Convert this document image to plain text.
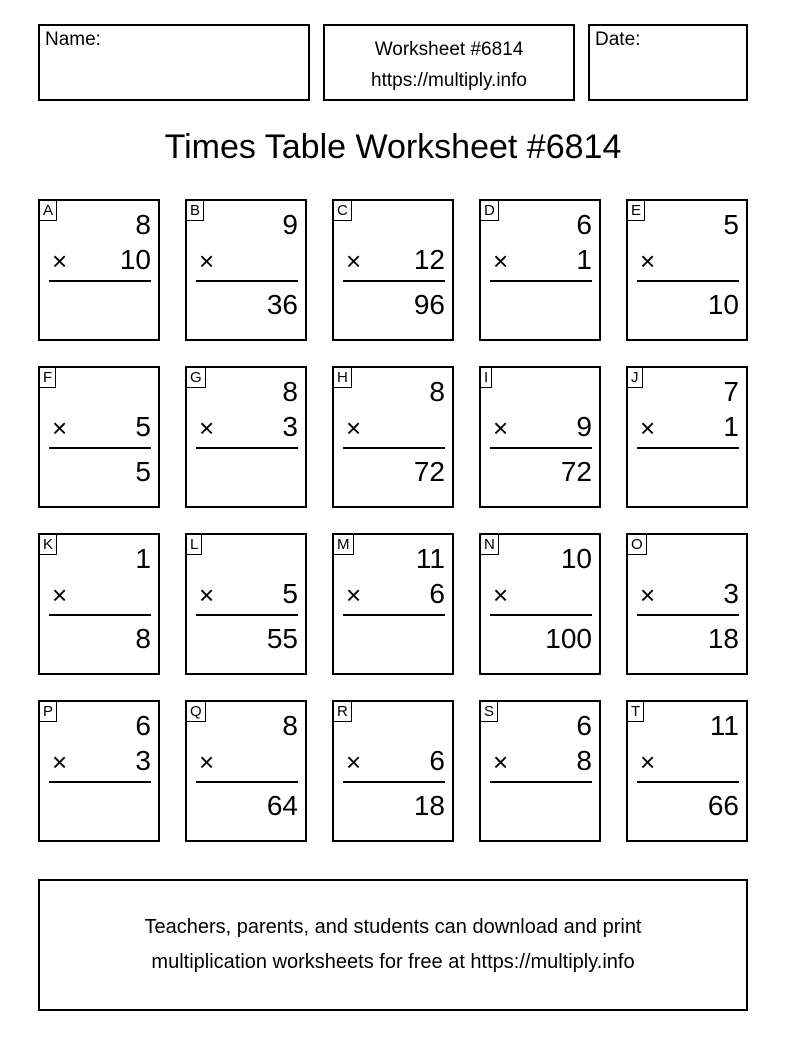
Name:	Worksheet #6814
https://multiply.info
Date:
Times Table Worksheet #6814
A	8
× 10
B	9
×
36
C
× 12
96
D	6
× 1
E	5
×
10
F
× 5
5
G	8
× 3
H	8
×
72
I
× 9
72
J	7
× 1
K	1
×
8
L
× 5
55
M 11
× 6
N 10
×
100
O
× 3
18
P	6
× 3
Q	8
×
64
R
× 6
18
S	6
× 8
T 11
×
66
Teachers, parents, and students can download and print
multiplication worksheets for free at https://multiply.info
